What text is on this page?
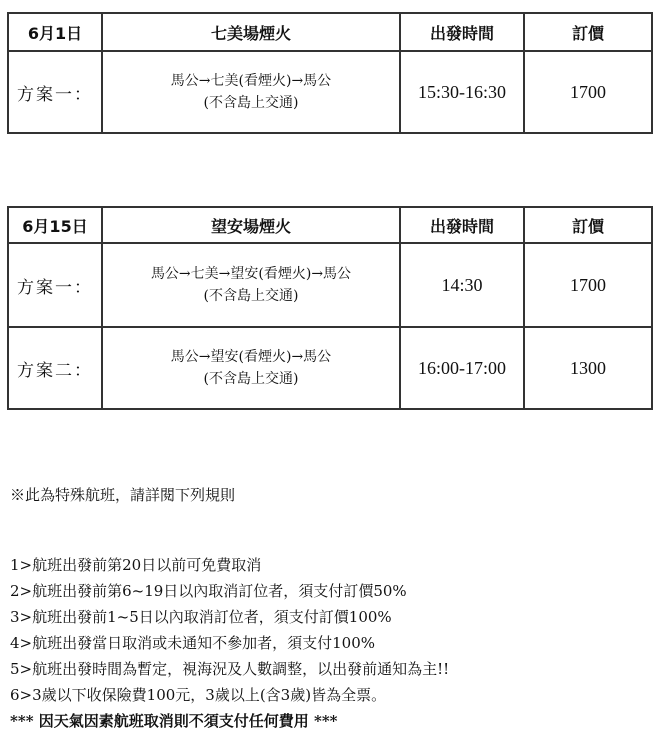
6月1日	七美場煙火	出發時間	訂價
方案一：	馬公→七美(看煙火)→馬公
(不含島上交通)	15:30-16:30	1700
6月15日	望安場煙火	出發時間	訂價
方案一：	馬公→七美→望安(看煙火)→馬公
(不含島上交通)	14:30	1700
方案二：	馬公→望安(看煙火)→馬公
(不含島上交通)	16:00-17:00	1300
※此為特殊航班，請詳閱下列規則
1>航班出發前第20日以前可免費取消
2>航班出發前第6~19日以內取消訂位者，須支付訂價50%
3>航班出發前1~5日以內取消訂位者，須支付訂價100%
4>航班出發當日取消或未通知不參加者，須支付100%
5>航班出發時間為暫定，視海況及人數調整，以出發前通知為主!!
6>3歲以下收保險費100元，3歲以上(含3歲)皆為全票。
*** 因天氣因素航班取消則不須支付任何費用 ***
